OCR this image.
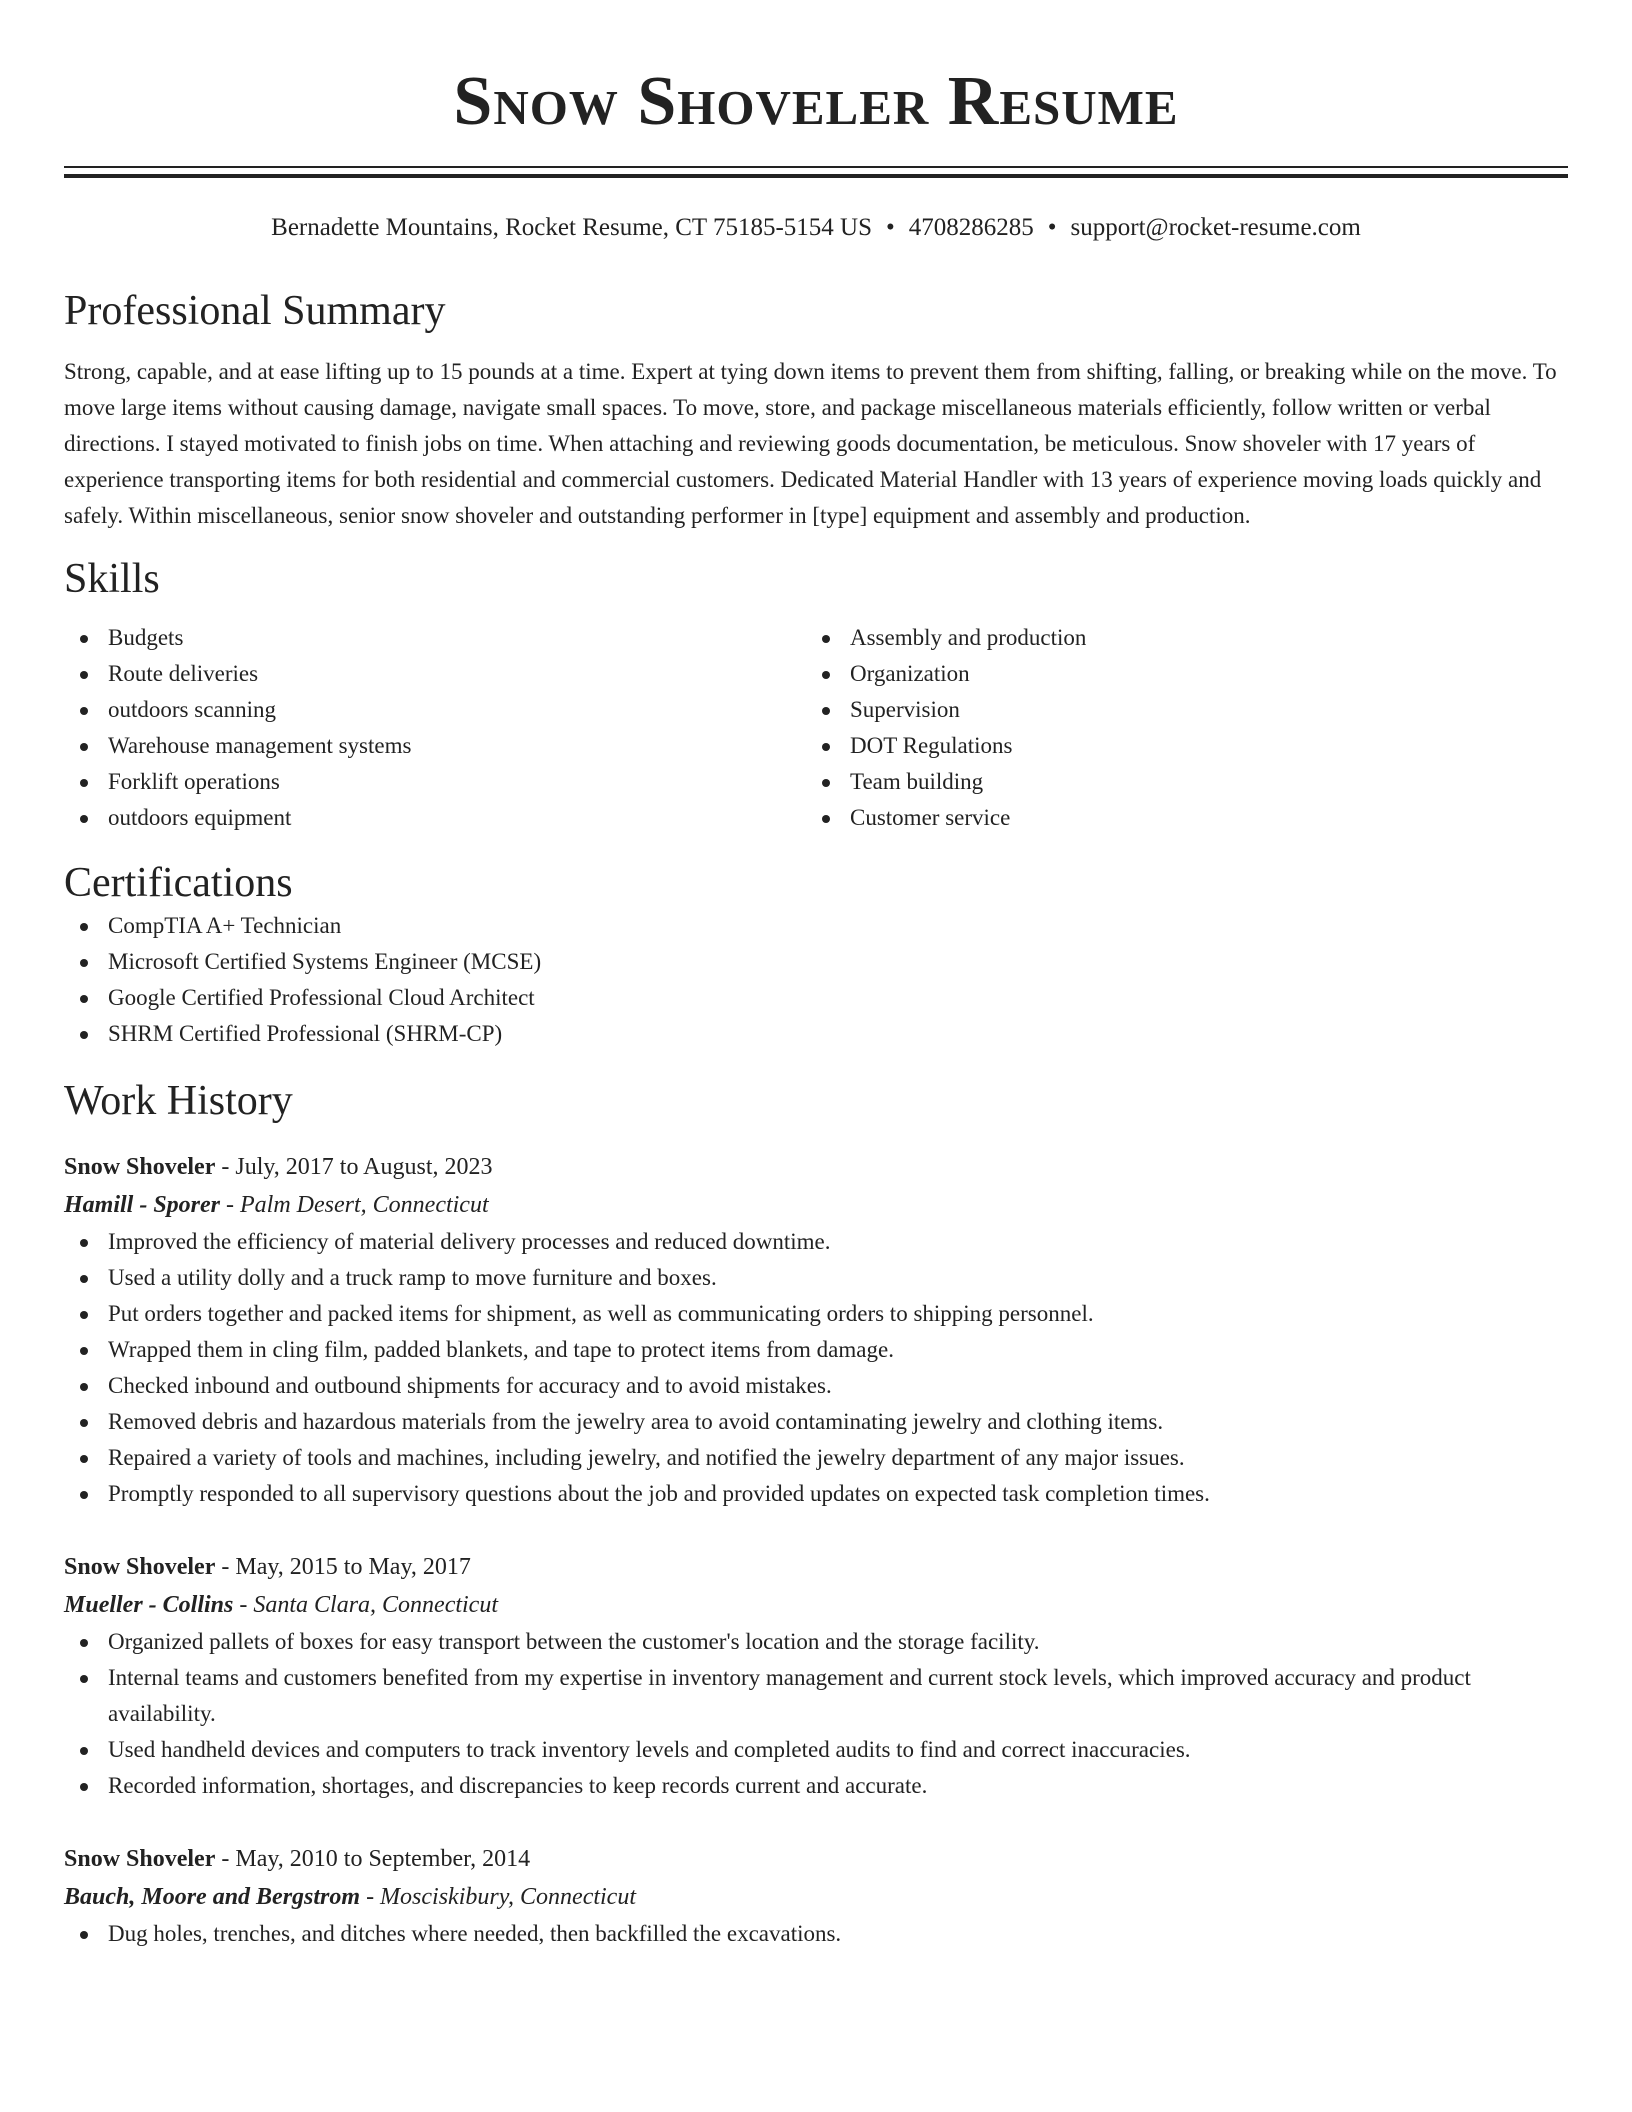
Snow Shoveler Resume
Bernadette Mountains, Rocket Resume, CT 75185-5154 US • 4708286285 • support@rocket-resume.com
Professional Summary
Strong, capable, and at ease lifting up to 15 pounds at a time. Expert at tying down items to prevent them from shifting, falling, or breaking while on the move. To move large items without causing damage, navigate small spaces. To move, store, and package miscellaneous materials efficiently, follow written or verbal directions. I stayed motivated to finish jobs on time. When attaching and reviewing goods documentation, be meticulous. Snow shoveler with 17 years of experience transporting items for both residential and commercial customers. Dedicated Material Handler with 13 years of experience moving loads quickly and safely. Within miscellaneous, senior snow shoveler and outstanding performer in [type] equipment and assembly and production.
Skills
Budgets
Route deliveries
outdoors scanning
Warehouse management systems
Forklift operations
outdoors equipment
Assembly and production
Organization
Supervision
DOT Regulations
Team building
Customer service
Certifications
CompTIA A+ Technician
Microsoft Certified Systems Engineer (MCSE)
Google Certified Professional Cloud Architect
SHRM Certified Professional (SHRM-CP)
Work History
Snow Shoveler - July, 2017 to August, 2023
Hamill - Sporer - Palm Desert, Connecticut
Improved the efficiency of material delivery processes and reduced downtime.
Used a utility dolly and a truck ramp to move furniture and boxes.
Put orders together and packed items for shipment, as well as communicating orders to shipping personnel.
Wrapped them in cling film, padded blankets, and tape to protect items from damage.
Checked inbound and outbound shipments for accuracy and to avoid mistakes.
Removed debris and hazardous materials from the jewelry area to avoid contaminating jewelry and clothing items.
Repaired a variety of tools and machines, including jewelry, and notified the jewelry department of any major issues.
Promptly responded to all supervisory questions about the job and provided updates on expected task completion times.
Snow Shoveler - May, 2015 to May, 2017
Mueller - Collins - Santa Clara, Connecticut
Organized pallets of boxes for easy transport between the customer's location and the storage facility.
Internal teams and customers benefited from my expertise in inventory management and current stock levels, which improved accuracy and product availability.
Used handheld devices and computers to track inventory levels and completed audits to find and correct inaccuracies.
Recorded information, shortages, and discrepancies to keep records current and accurate.
Snow Shoveler - May, 2010 to September, 2014
Bauch, Moore and Bergstrom - Mosciskibury, Connecticut
Dug holes, trenches, and ditches where needed, then backfilled the excavations.
